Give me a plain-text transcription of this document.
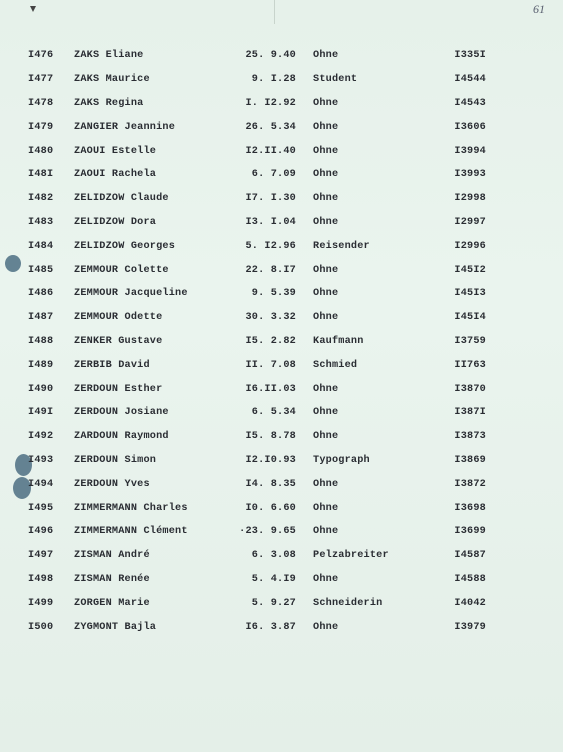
61
I476	ZAKS Eliane	25. 9.40	Ohne	I335I
I477	ZAKS Maurice	9. I.28	Student	I4544
I478	ZAKS Regina	I. I2.92	Ohne	I4543
I479	ZANGIER Jeannine	26. 5.34	Ohne	I3606
I480	ZAOUI Estelle	I2.II.40	Ohne	I3994
I48I	ZAOUI Rachela	6. 7.09	Ohne	I3993
I482	ZELIDZOW Claude	I7. I.30	Ohne	I2998
I483	ZELIDZOW Dora	I3. I.04	Ohne	I2997
I484	ZELIDZOW Georges	5. I2.96	Reisender	I2996
I485	ZEMMOUR Colette	22. 8.I7	Ohne	I45I2
I486	ZEMMOUR Jacqueline	9. 5.39	Ohne	I45I3
I487	ZEMMOUR Odette	30. 3.32	Ohne	I45I4
I488	ZENKER Gustave	I5. 2.82	Kaufmann	I3759
I489	ZERBIB David	II. 7.08	Schmied	II763
I490	ZERDOUN Esther	I6.II.03	Ohne	I3870
I49I	ZERDOUN Josiane	6. 5.34	Ohne	I387I
I492	ZARDOUN Raymond	I5. 8.78	Ohne	I3873
I493	ZERDOUN Simon	I2.I0.93	Typograph	I3869
I494	ZERDOUN Yves	I4. 8.35	Ohne	I3872
I495	ZIMMERMANN Charles	I0. 6.60	Ohne	I3698
I496	ZIMMERMANN Clément	·23. 9.65	Ohne	I3699
I497	ZISMAN André	6. 3.08	Pelzabreiter	I4587
I498	ZISMAN Renée	5. 4.I9	Ohne	I4588
I499	ZORGEN Marie	5. 9.27	Schneiderin	I4042
I500	ZYGMONT Bajla	I6. 3.87	Ohne	I3979
